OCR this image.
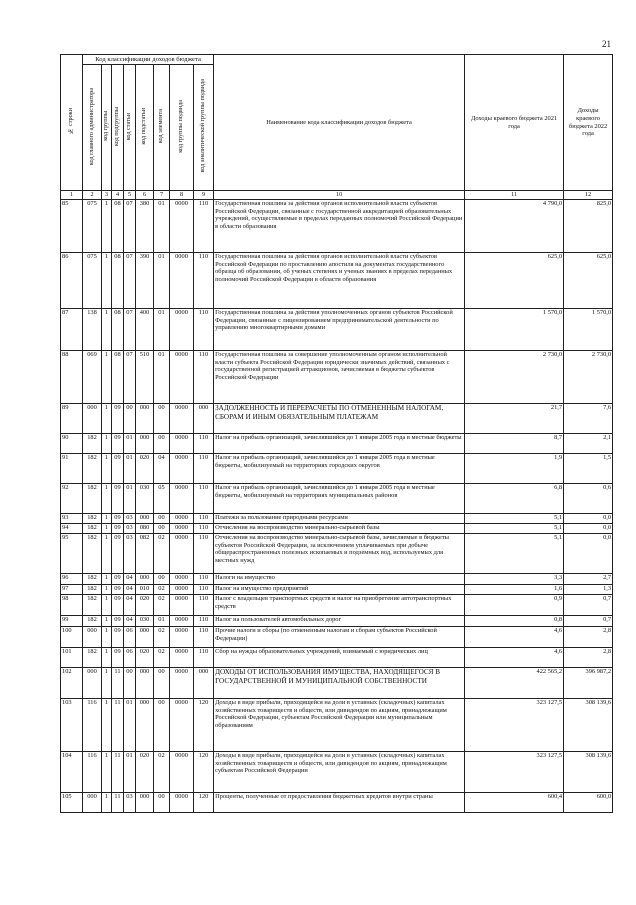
21
№ строки	Код классификации доходов бюджета								Наименование кода классификации доходов бюджета	Доходы краевого бюджета 2021 года	Доходы краевого бюджета 2022 года	
	код главного администратора	код группы	код подгруппы	код статьи	код подстатьи	код элемента	код группы подвида	код аналитической группы подвида				
1	2	3	4	5	6	7	8	9	10	11	12	
85	075	1	08	07	380	01	0000	110	Государственная пошлина за действия органов исполнительной власти субъектов Российской Федерации, связанные с государственной аккредитацией образовательных учреждений, осуществляемые в пределах переданных полномочий Российской Федерации в области образования	4 790,0	825,0	
86	075	1	08	07	390	01	0000	110	Государственная пошлина за действия органов исполнительной власти субъектов Российской Федерации по проставлению апостиля на документах государственного образца об образовании, об ученых степенях и ученых званиях в пределах переданных полномочий Российской Федерации в области образования	625,0	625,0	
87	138	1	08	07	400	01	0000	110	Государственная пошлина за действия уполномоченных органов субъектов Российской Федерации, связанные с лицензированием предпринимательской деятельности по управлению многоквартирными домами	1 570,0	1 570,0	
88	069	1	08	07	510	01	0000	110	Государственная пошлина за совершение уполномоченным органом исполнительной власти субъекта Российской Федерации юридически значимых действий, связанных с государственной регистрацией аттракционов, зачисляемая в бюджеты субъектов Российской Федерации	2 730,0	2 730,0	
89	000	1	09	00	000	00	0000	000	ЗАДОЛЖЕННОСТЬ И ПЕРЕРАСЧЕТЫ ПО ОТМЕНЕННЫМ НАЛОГАМ, СБОРАМ И ИНЫМ ОБЯЗАТЕЛЬНЫМ ПЛАТЕЖАМ	21,7	7,6	
90	182	1	09	01	000	00	0000	110	Налог на прибыль организаций, зачислявшийся до 1 января 2005 года в местные бюджеты	8,7	2,1	
91	182	1	09	01	020	04	0000	110	Налог на прибыль организаций, зачислявшийся до 1 января 2005 года в местные бюджеты, мобилизуемый на территориях городских округов	1,9	1,5	
92	182	1	09	01	030	05	0000	110	Налог на прибыль организаций, зачислявшийся до 1 января 2005 года в местные бюджеты, мобилизуемый на территориях муниципальных районов	6,8	0,6	
93	182	1	09	03	000	00	0000	110	Платежи за пользование природными ресурсами	5,1	0,0	
94	182	1	09	03	080	00	0000	110	Отчисления на воспроизводство минерально-сырьевой базы	5,1	0,0	
95	182	1	09	03	082	02	0000	110	Отчисления на воспроизводство минерально-сырьевой базы, зачисляемые в бюджеты субъектов Российской Федерации, за исключением уплачиваемых при добыче общераспространенных полезных ископаемых и подземных вод, используемых для местных нужд	5,1	0,0	
96	182	1	09	04	000	00	0000	110	Налоги на имущество	3,3	2,7	
97	182	1	09	04	010	02	0000	110	Налог на имущество предприятий	1,6	1,3	
98	182	1	09	04	020	02	0000	110	Налог с владельцев транспортных средств и налог на приобретение автотранспортных средств	0,9	0,7	
99	182	1	09	04	030	01	0000	110	Налог на пользователей автомобильных дорог	0,8	0,7	
100	000	1	09	06	000	02	0000	110	Прочие налоги и сборы (по отмененным налогам и сборам субъектов Российской Федерации)	4,6	2,8	
101	182	1	09	06	020	02	0000	110	Сбор на нужды образовательных учреждений, взимаемый с юридических лиц	4,6	2,8	
102	000	1	11	00	000	00	0000	000	ДОХОДЫ ОТ ИСПОЛЬЗОВАНИЯ ИМУЩЕСТВА, НАХОДЯЩЕГОСЯ В ГОСУДАРСТВЕННОЙ И МУНИЦИПАЛЬНОЙ СОБСТВЕННОСТИ	422 565,2	396 987,2	
103	116	1	11	01	000	00	0000	120	Доходы в виде прибыли, приходящейся на доли в уставных (складочных) капиталах хозяйственных товариществ и обществ, или дивидендов по акциям, принадлежащим Российской Федерации, субъектам Российской Федерации или муниципальным образованиям	323 127,5	308 139,6	
104	116	1	11	01	020	02	0000	120	Доходы в виде прибыли, приходящейся на доли в уставных (складочных) капиталах хозяйственных товариществ и обществ, или дивидендов по акциям, принадлежащим субъектам Российской Федерации	323 127,5	308 139,6	
105	000	1	11	03	000	00	0000	120	Проценты, полученные от предоставления бюджетных кредитов внутри страны	600,4	600,0	
